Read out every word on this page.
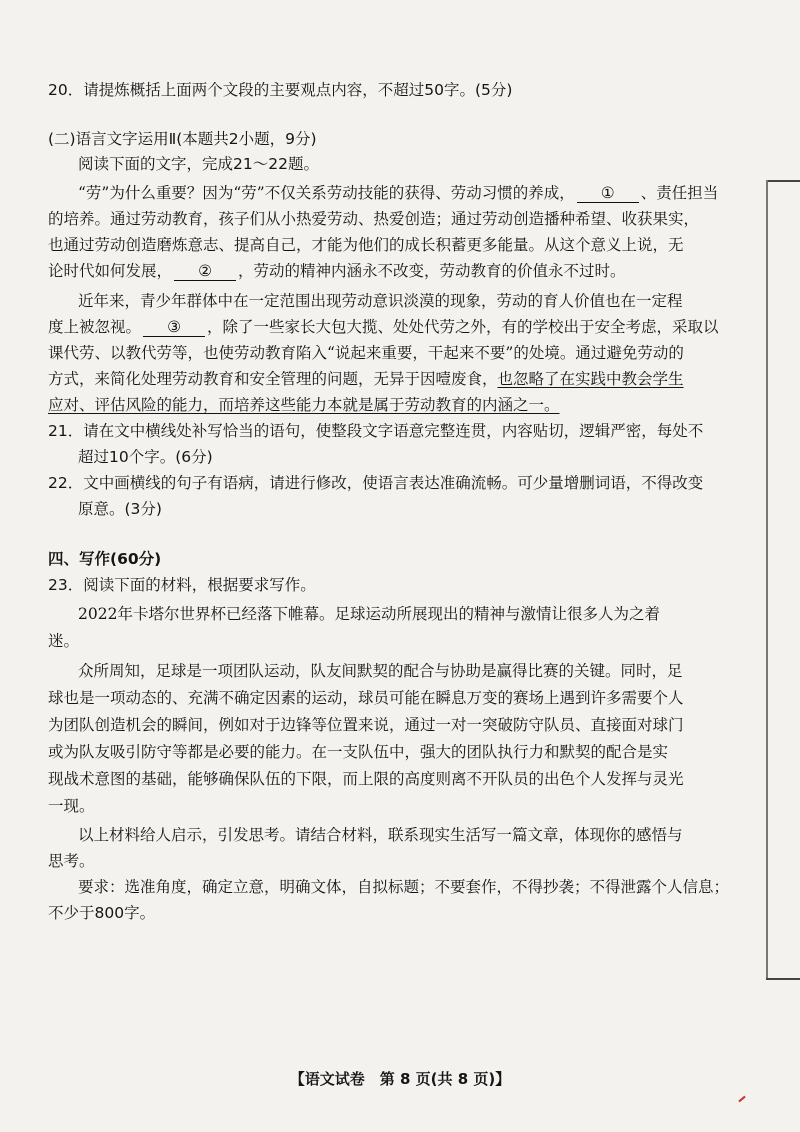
20．请提炼概括上面两个文段的主要观点内容，不超过50字。(5分)
(二)语言文字运用Ⅱ(本题共2小题，9分)
阅读下面的文字，完成21～22题。
“劳”为什么重要？因为“劳”不仅关系劳动技能的获得、劳动习惯的养成， ① 、责任担当
的培养。通过劳动教育，孩子们从小热爱劳动、热爱创造；通过劳动创造播种希望、收获果实，
也通过劳动创造磨炼意志、提高自己，才能为他们的成长积蓄更多能量。从这个意义上说，无
论时代如何发展， ② ，劳动的精神内涵永不改变，劳动教育的价值永不过时。
近年来，青少年群体中在一定范围出现劳动意识淡漠的现象，劳动的育人价值也在一定程
度上被忽视。 ③ ，除了一些家长大包大揽、处处代劳之外，有的学校出于安全考虑，采取以
课代劳、以教代劳等，也使劳动教育陷入“说起来重要，干起来不要”的处境。通过避免劳动的
方式，来简化处理劳动教育和安全管理的问题，无异于因噎废食，也忽略了在实践中教会学生
应对、评估风险的能力，而培养这些能力本就是属于劳动教育的内涵之一。
21．请在文中横线处补写恰当的语句，使整段文字语意完整连贯，内容贴切，逻辑严密，每处不
超过10个字。(6分)
22．文中画横线的句子有语病，请进行修改，使语言表达准确流畅。可少量增删词语，不得改变
原意。(3分)
四、写作(60分)
23．阅读下面的材料，根据要求写作。
2022年卡塔尔世界杯已经落下帷幕。足球运动所展现出的精神与激情让很多人为之着
迷。
众所周知，足球是一项团队运动，队友间默契的配合与协助是赢得比赛的关键。同时，足
球也是一项动态的、充满不确定因素的运动，球员可能在瞬息万变的赛场上遇到许多需要个人
为团队创造机会的瞬间，例如对于边锋等位置来说，通过一对一突破防守队员、直接面对球门
或为队友吸引防守等都是必要的能力。在一支队伍中，强大的团队执行力和默契的配合是实
现战术意图的基础，能够确保队伍的下限，而上限的高度则离不开队员的出色个人发挥与灵光
一现。
以上材料给人启示，引发思考。请结合材料，联系现实生活写一篇文章，体现你的感悟与
思考。
要求：选准角度，确定立意，明确文体，自拟标题；不要套作，不得抄袭；不得泄露个人信息；
不少于800字。
【语文试卷　第 8 页(共 8 页)】
